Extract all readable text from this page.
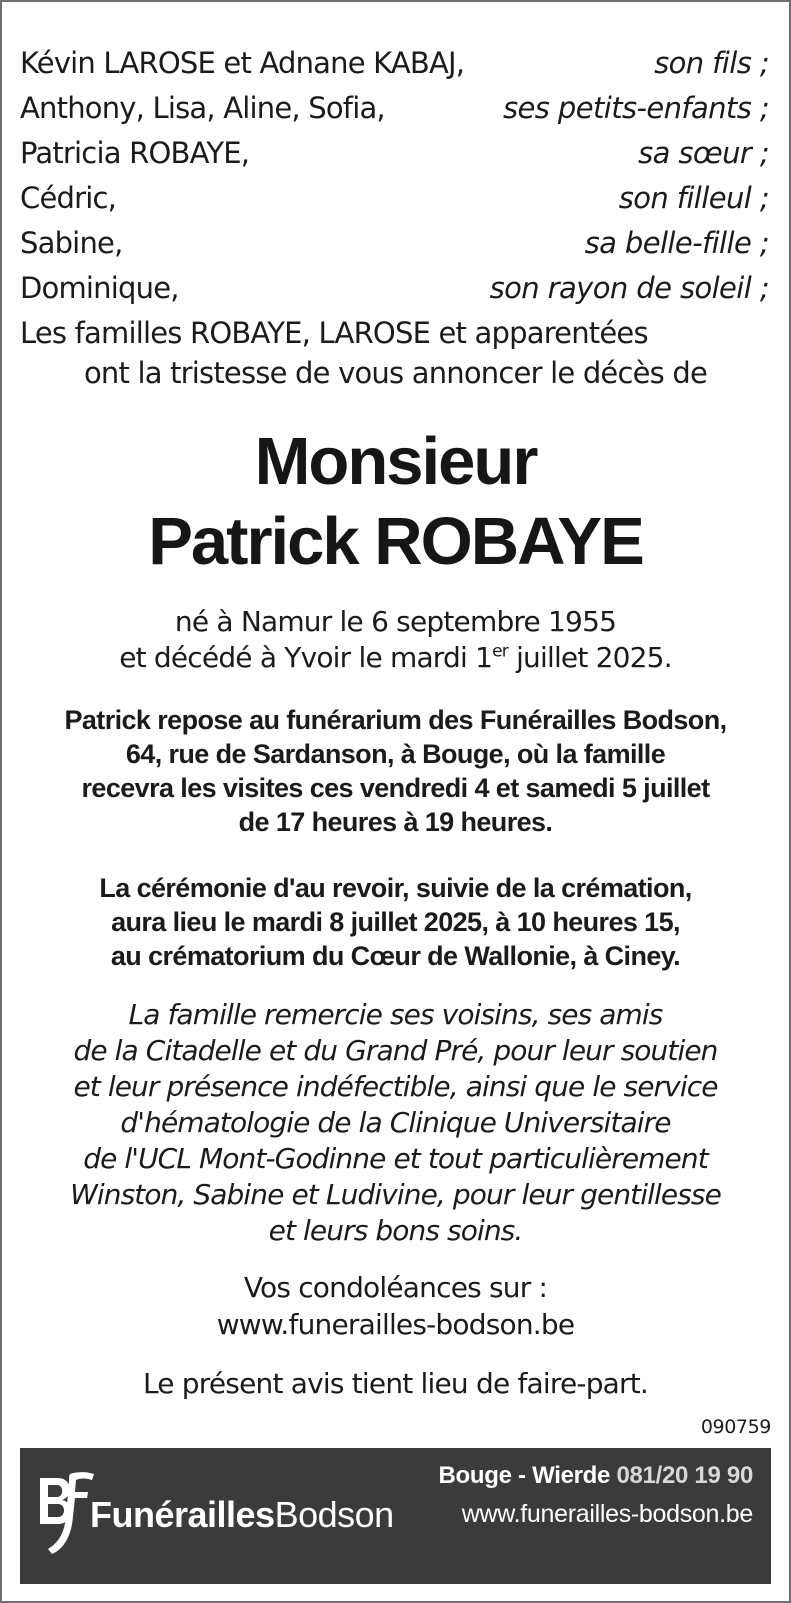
Kévin LAROSE et Adnane KABAJ,	son fils ;
Anthony, Lisa, Aline, Sofia,	ses petits-enfants ;
Patricia ROBAYE,	sa sœur ;
Cédric,	son filleul ;
Sabine,	sa belle-fille ;
Dominique,	son rayon de soleil ;
Les familles ROBAYE, LAROSE et apparentées
ont la tristesse de vous annoncer le décès de
Monsieur
Patrick ROBAYE
né à Namur le 6 septembre 1955
et décédé à Yvoir le mardi 1er juillet 2025.
Patrick repose au funérarium des Funérailles Bodson,
64, rue de Sardanson, à Bouge, où la famille
recevra les visites ces vendredi 4 et samedi 5 juillet
de 17 heures à 19 heures.
La cérémonie d'au revoir, suivie de la crémation,
aura lieu le mardi 8 juillet 2025, à 10 heures 15,
au crématorium du Cœur de Wallonie, à Ciney.
La famille remercie ses voisins, ses amis
de la Citadelle et du Grand Pré, pour leur soutien
et leur présence indéfectible, ainsi que le service
d'hématologie de la Clinique Universitaire
de l'UCL Mont-Godinne et tout particulièrement
Winston, Sabine et Ludivine, pour leur gentillesse
et leurs bons soins.
Vos condoléances sur :
www.funerailles-bodson.be
Le présent avis tient lieu de faire-part.
090759
FunéraillesBodson
Bouge - Wierde 081/20 19 90
www.funerailles-bodson.be
